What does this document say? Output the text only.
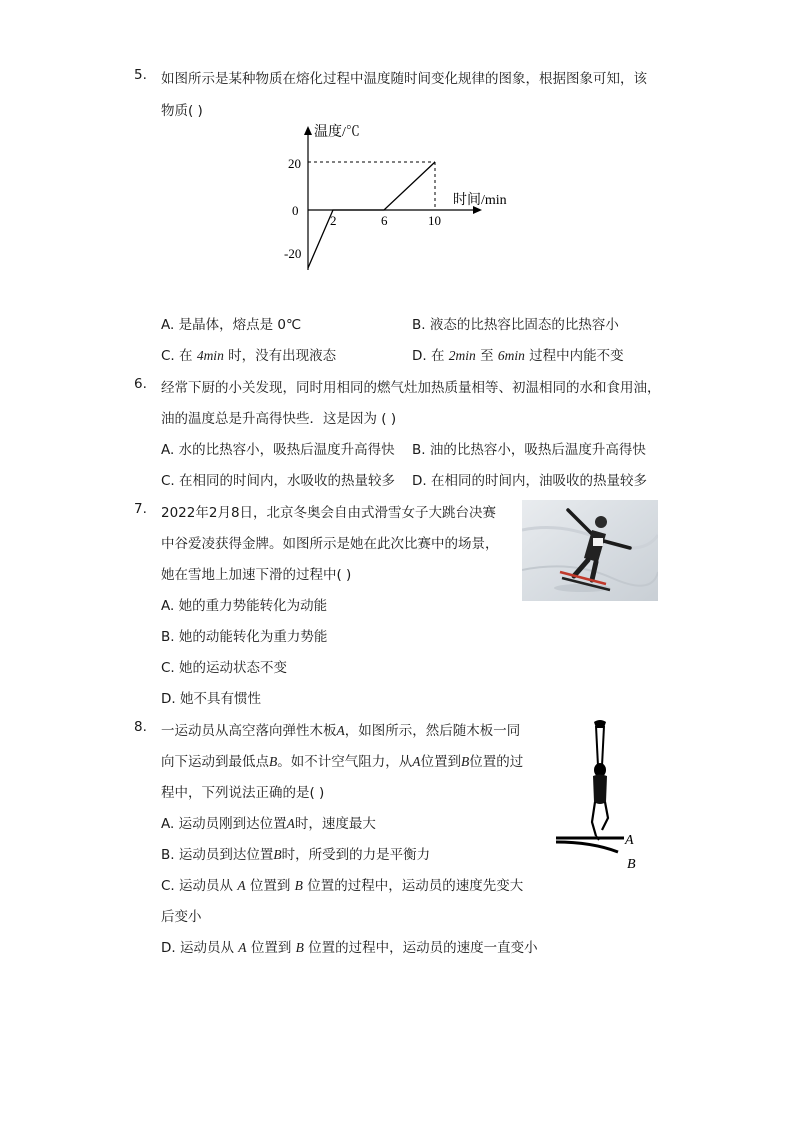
5. 如图所示是某种物质在熔化过程中温度随时间变化规律的图象，根据图象可知，该
物质( )
温度/℃
时间/min
20
0
-20
2	6	10
A. 是晶体，熔点是 0℃	B. 液态的比热容比固态的比热容小
C. 在 4min 时，没有出现液态	D. 在 2min 至 6min 过程中内能不变
6. 经常下厨的小关发现，同时用相同的燃气灶加热质量相等、初温相同的水和食用油，
油的温度总是升高得快些．这是因为 ( )
A. 水的比热容小，吸热后温度升高得快 B. 油的比热容小，吸热后温度升高得快
C. 在相同的时间内，水吸收的热量较多 D. 在相同的时间内，油吸收的热量较多
7. 2022年2月8日，北京冬奥会自由式滑雪女子大跳台决赛
中谷爱凌获得金牌。如图所示是她在此次比赛中的场景，
她在雪地上加速下滑的过程中( )
A. 她的重力势能转化为动能
B. 她的动能转化为重力势能
C. 她的运动状态不变
D. 她不具有惯性
8. 一运动员从高空落向弹性木板A，如图所示，然后随木板一同
向下运动到最低点B。如不计空气阻力，从A位置到B位置的过
程中，下列说法正确的是( )
A
B
A. 运动员刚到达位置A时，速度最大
B. 运动员到达位置B时，所受到的力是平衡力
C. 运动员从 A 位置到 B 位置的过程中，运动员的速度先变大
后变小
D. 运动员从 A 位置到 B 位置的过程中，运动员的速度一直变小
